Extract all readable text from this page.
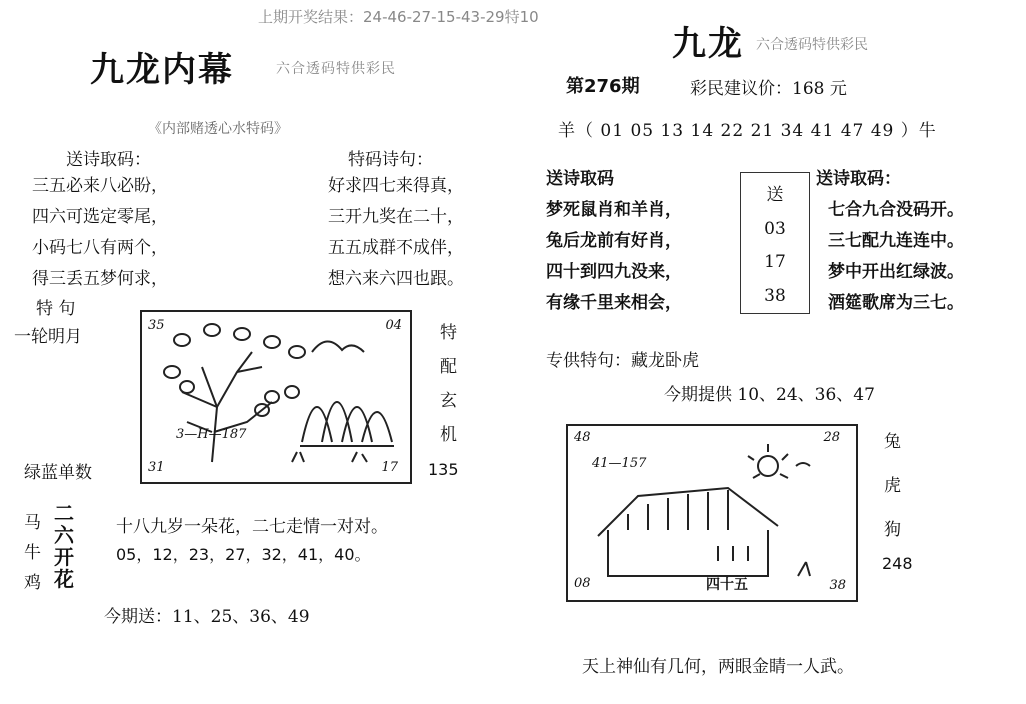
上期开奖结果：24-46-27-15-43-29特10
九龙内幕	六合透码特供彩民
《内部赌透心水特码》
送诗取码：
三五必来八必盼，
四六可选定零尾，
小码七八有两个，
得三丢五梦何求，
特码诗句：
好求四七来得真，
三开九奖在二十，
五五成群不成伴，
想六来六四也跟。
特 句
一轮明月
35	04
3—H—187
31	17
特
配
玄
机
绿蓝单数	135
马
牛
鸡
二
六
开
花
十八九岁一朵花，二七走情一对对。
05，12，23，27，32，41，40。
今期送：11、25、36、49
九龙 六合透码特供彩民
第276期	彩民建议价：168 元
羊（ 01 05 13 14 22 21 34 41 47 49 ）牛
送诗取码
梦死鼠肖和羊肖，
兔后龙前有好肖，
四十到四九没来，
有缘千里来相会，
送
03
17
38
送诗取码：
七合九合没码开。
三七配九连连中。
梦中开出红绿波。
酒筵歌席为三七。
专供特句：藏龙卧虎
今期提供 10、24、36、47
48	28
41—157
08	38
四十五
兔
虎
狗
248
天上神仙有几何，两眼金睛一人武。
